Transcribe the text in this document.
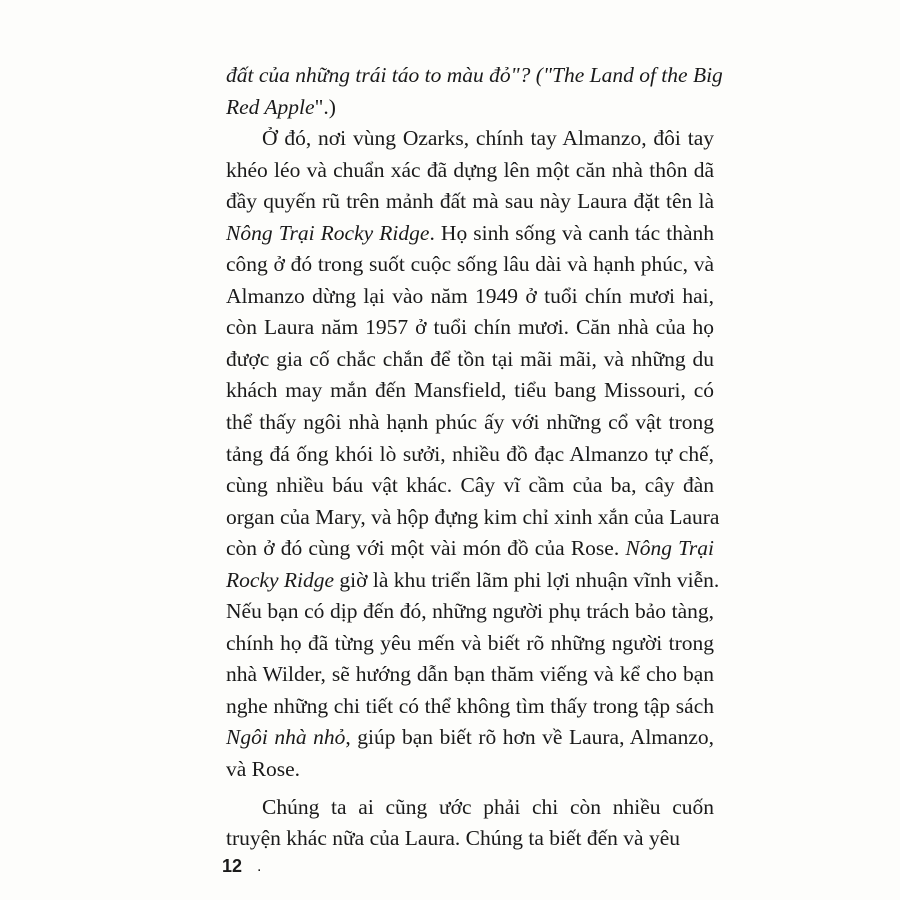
đất của những trái táo to màu đỏ"? ("The Land of the Big
Red Apple".)
Ở đó, nơi vùng Ozarks, chính tay Almanzo, đôi tay
khéo léo và chuẩn xác đã dựng lên một căn nhà thôn dã
đầy quyến rũ trên mảnh đất mà sau này Laura đặt tên là
Nông Trại Rocky Ridge. Họ sinh sống và canh tác thành
công ở đó trong suốt cuộc sống lâu dài và hạnh phúc, và
Almanzo dừng lại vào năm 1949 ở tuổi chín mươi hai,
còn Laura năm 1957 ở tuổi chín mươi. Căn nhà của họ
được gia cố chắc chắn để tồn tại mãi mãi, và những du
khách may mắn đến Mansfield, tiểu bang Missouri, có
thể thấy ngôi nhà hạnh phúc ấy với những cổ vật trong
tảng đá ống khói lò sưởi, nhiều đồ đạc Almanzo tự chế,
cùng nhiều báu vật khác. Cây vĩ cầm của ba, cây đàn
organ của Mary, và hộp đựng kim chỉ xinh xắn của Laura
còn ở đó cùng với một vài món đồ của Rose. Nông Trại
Rocky Ridge giờ là khu triển lãm phi lợi nhuận vĩnh viễn.
Nếu bạn có dịp đến đó, những người phụ trách bảo tàng,
chính họ đã từng yêu mến và biết rõ những người trong
nhà Wilder, sẽ hướng dẫn bạn thăm viếng và kể cho bạn
nghe những chi tiết có thể không tìm thấy trong tập sách
Ngôi nhà nhỏ, giúp bạn biết rõ hơn về Laura, Almanzo,
và Rose.
Chúng ta ai cũng ước phải chi còn nhiều cuốn
truyện khác nữa của Laura. Chúng ta biết đến và yêu
12 .
